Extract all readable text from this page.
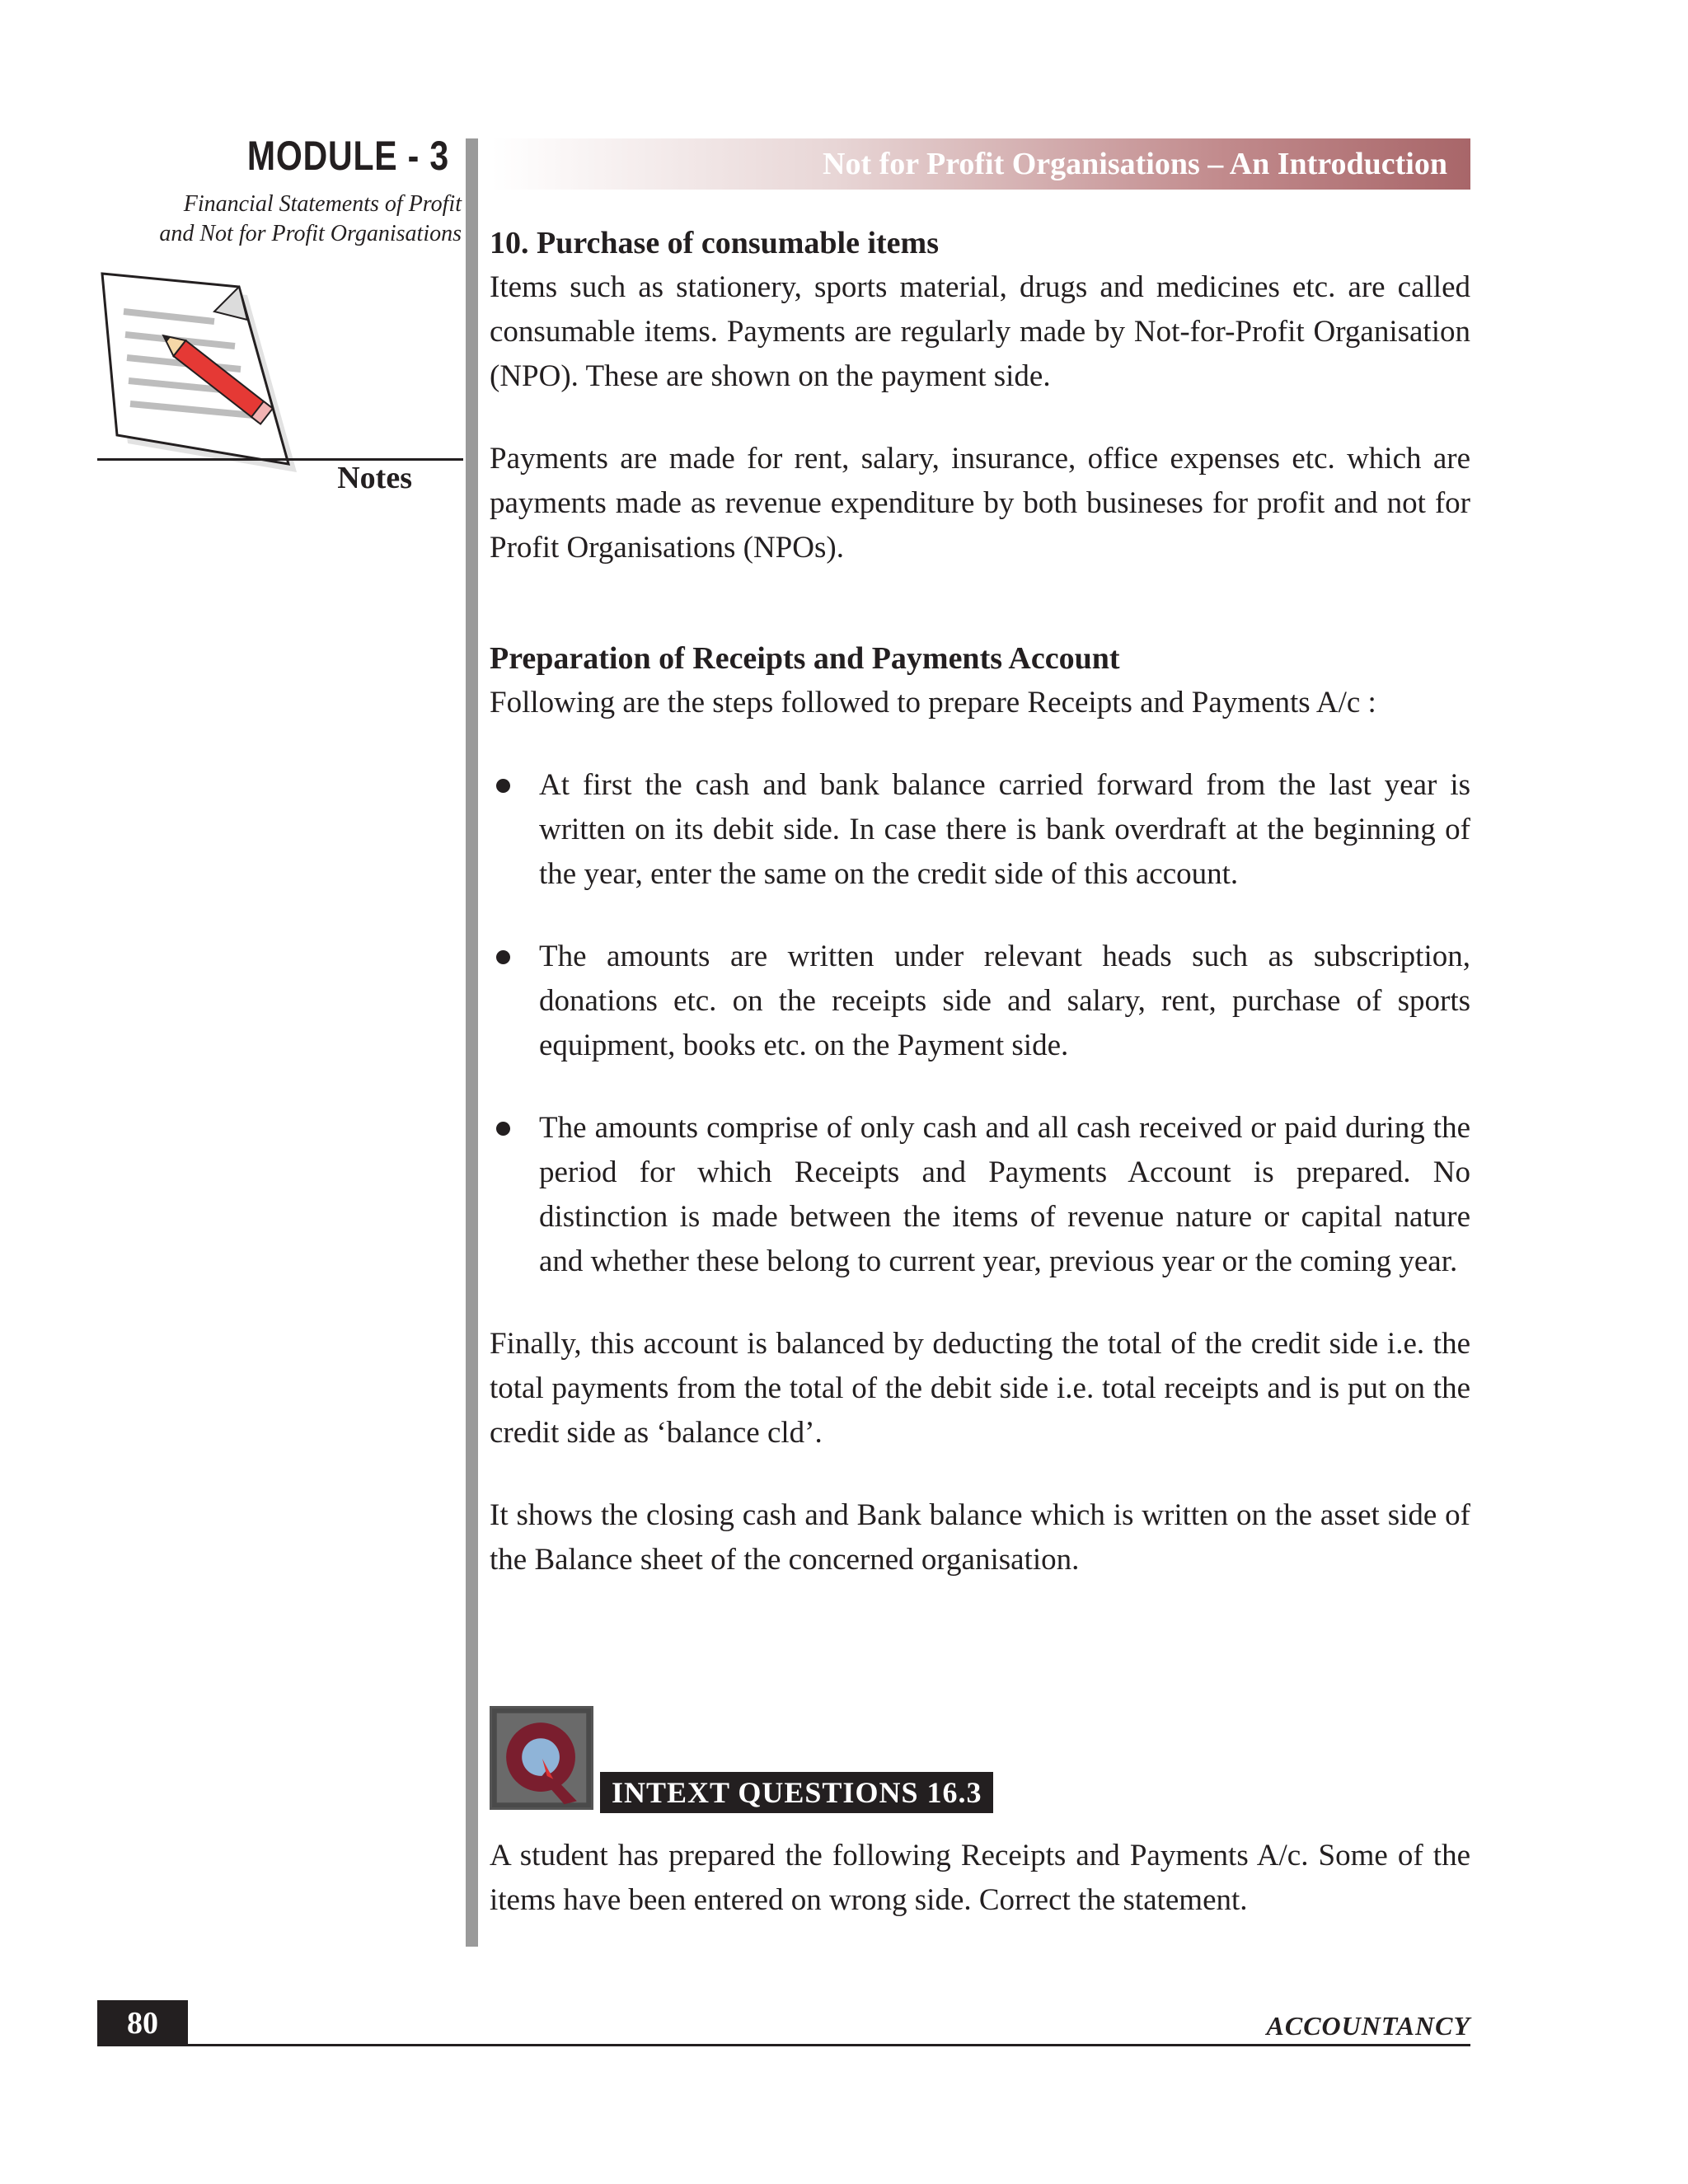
MODULE - 3
Financial Statements of Profit
and Not for Profit Organisations
Notes
Not for Profit Organisations – An Introduction

10. Purchase of consumable items

Items such as stationery, sports material, drugs and medicines etc. are called consumable items. Payments are regularly made by Not-for-Profit Organisation (NPO). These are shown on the payment side.

Payments are made for rent, salary, insurance, office expenses etc. which are payments made as revenue expenditure by both busineses for profit and not for Profit Organisations (NPOs).

Preparation of Receipts and Payments Account

Following are the steps followed to prepare Receipts and Payments A/c :

At first the cash and bank balance carried forward from the last year is written on its debit side. In case there is bank overdraft at the beginning of the year, enter the same on the credit side of this account.

The amounts are written under relevant heads such as subscription, donations etc. on the receipts side and salary, rent, purchase of sports equipment, books etc. on the Payment side.

The amounts comprise of only cash and all cash received or paid during the period for which Receipts and Payments Account is prepared. No distinction is made between the items of revenue nature or capital nature and whether these belong to current year, previous year or the coming year.

Finally, this account is balanced by deducting the total of the credit side i.e. the total payments from the total of the debit side i.e. total receipts and is put on the credit side as ‘balance cld’.

It shows the closing cash and Bank balance which is written on the asset side of the Balance sheet of the concerned organisation.

INTEXT QUESTIONS 16.3
A student has prepared the following Receipts and Payments A/c. Some of the items have been entered on wrong side. Correct the statement.
80	ACCOUNTANCY
